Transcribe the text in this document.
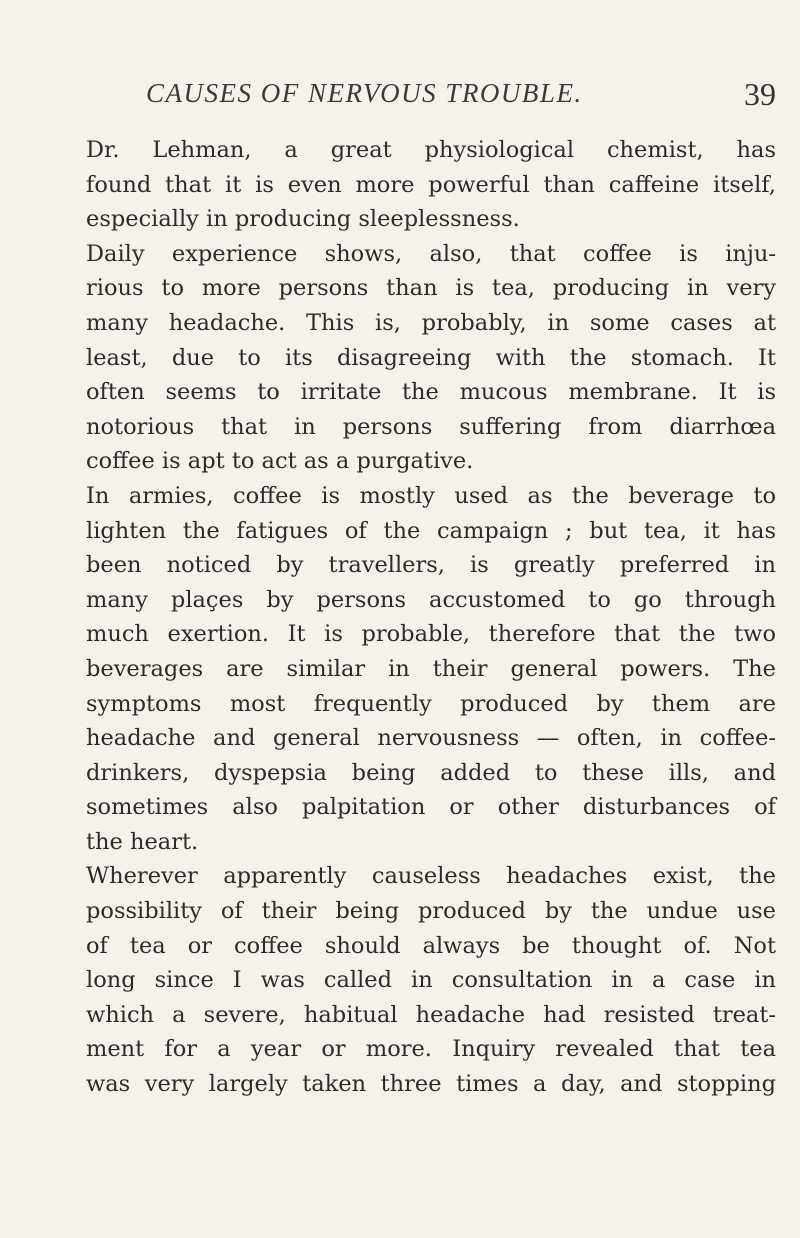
CAUSES OF NERVOUS TROUBLE.	39
Dr. Lehman, a great physiological chemist, has
found that it is even more powerful than caffeine itself,
especially in producing sleeplessness.
Daily experience shows, also, that coffee is inju-
rious to more persons than is tea, producing in very
many headache. This is, probably, in some cases at
least, due to its disagreeing with the stomach. It
often seems to irritate the mucous membrane. It is
notorious that in persons suffering from diarrhœa
coffee is apt to act as a purgative.
In armies, coffee is mostly used as the beverage to
lighten the fatigues of the campaign ; but tea, it has
been noticed by travellers, is greatly preferred in
many plaçes by persons accustomed to go through
much exertion. It is probable, therefore that the two
beverages are similar in their general powers. The
symptoms most frequently produced by them are
headache and general nervousness — often, in coffee-
drinkers, dyspepsia being added to these ills, and
sometimes also palpitation or other disturbances of
the heart.
Wherever apparently causeless headaches exist, the
possibility of their being produced by the undue use
of tea or coffee should always be thought of. Not
long since I was called in consultation in a case in
which a severe, habitual headache had resisted treat-
ment for a year or more. Inquiry revealed that tea
was very largely taken three times a day, and stopping
